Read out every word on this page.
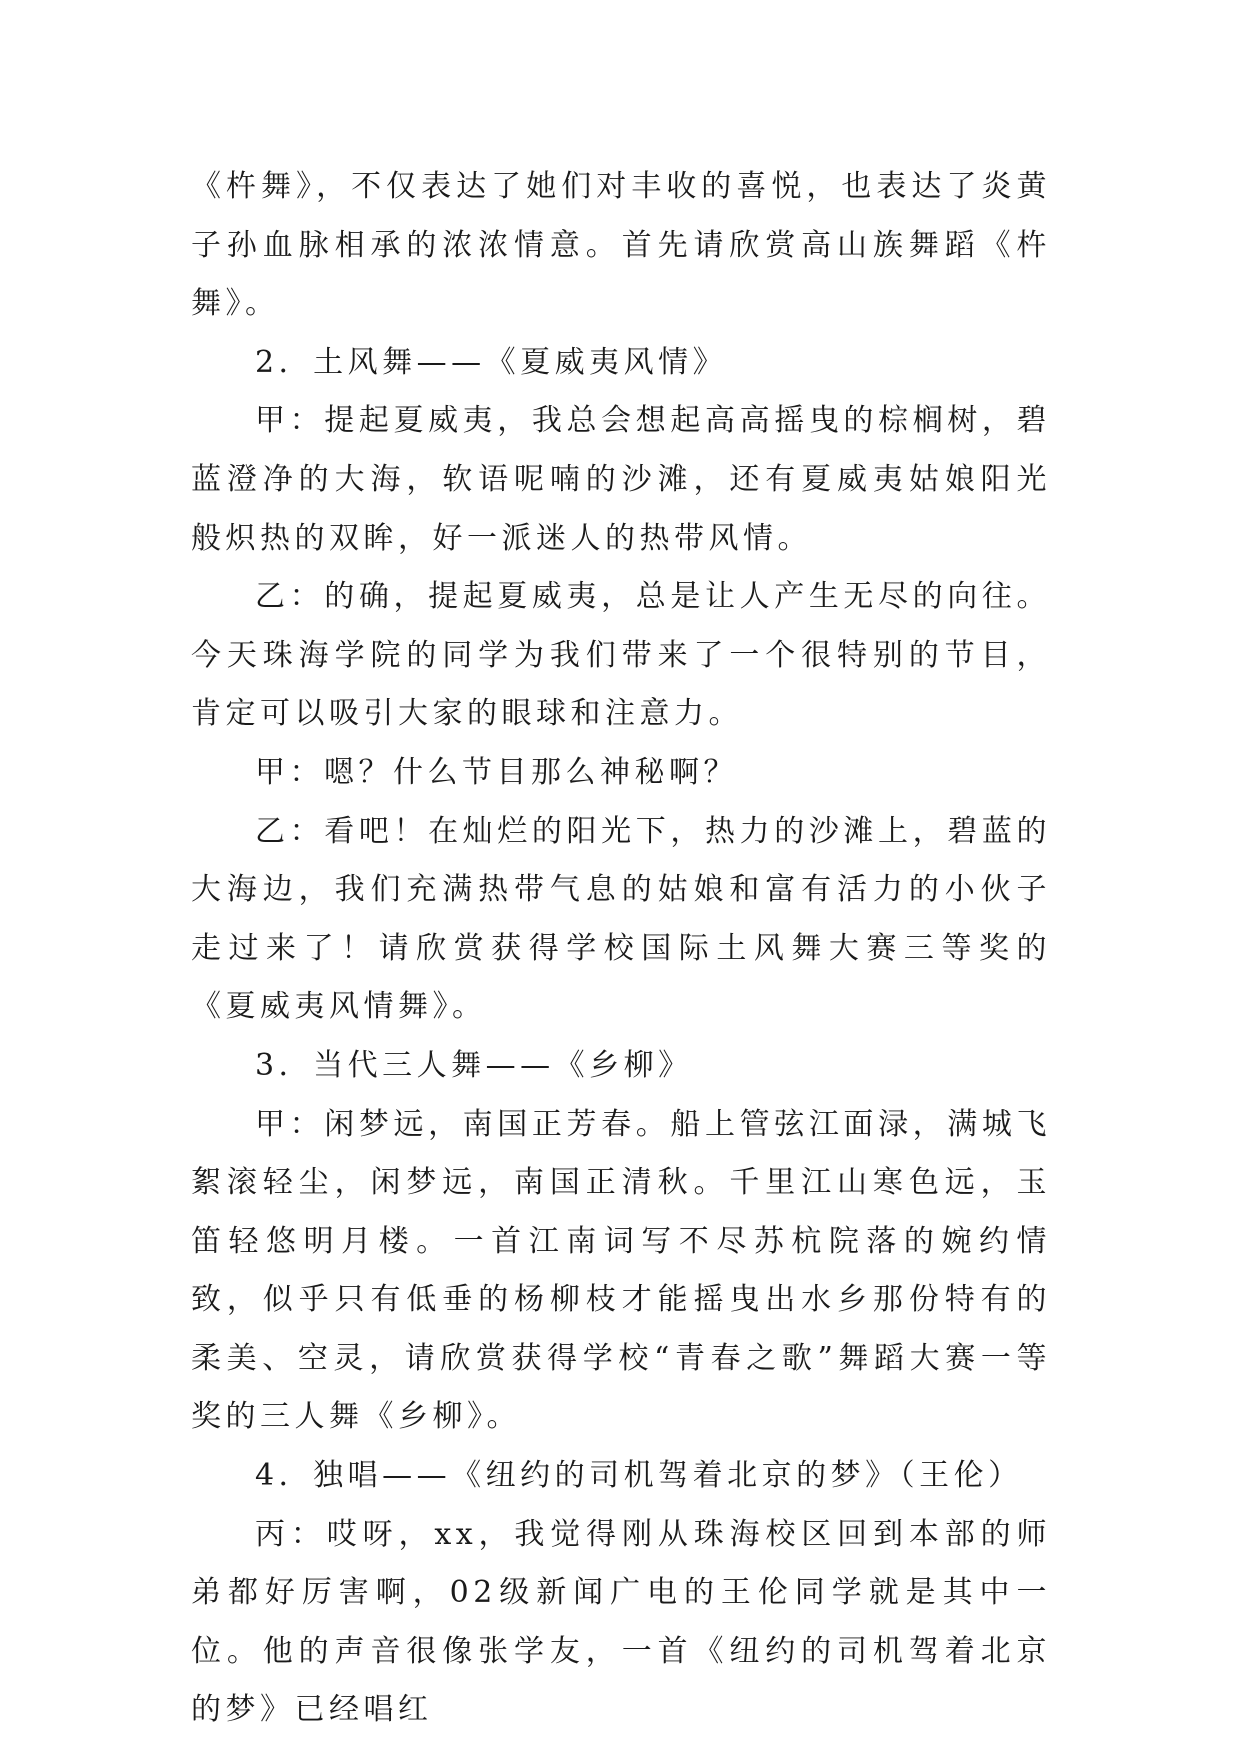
《杵舞》，不仅表达了她们对丰收的喜悦，也表达了炎黄子孙血脉相承的浓浓情意。首先请欣赏高山族舞蹈《杵舞》。

2．土风舞——《夏威夷风情》

甲：提起夏威夷，我总会想起高高摇曳的棕榈树，碧蓝澄净的大海，软语呢喃的沙滩，还有夏威夷姑娘阳光般炽热的双眸，好一派迷人的热带风情。

乙：的确，提起夏威夷，总是让人产生无尽的向往。今天珠海学院的同学为我们带来了一个很特别的节目，肯定可以吸引大家的眼球和注意力。

甲：嗯？什么节目那么神秘啊？

乙：看吧！在灿烂的阳光下，热力的沙滩上，碧蓝的大海边，我们充满热带气息的姑娘和富有活力的小伙子走过来了！请欣赏获得学校国际土风舞大赛三等奖的《夏威夷风情舞》。

3．当代三人舞——《乡柳》

甲：闲梦远，南国正芳春。船上管弦江面渌，满城飞絮滚轻尘，闲梦远，南国正清秋。千里江山寒色远，玉笛轻悠明月楼。一首江南词写不尽苏杭院落的婉约情致，似乎只有低垂的杨柳枝才能摇曳出水乡那份特有的柔美、空灵，请欣赏获得学校“青春之歌”舞蹈大赛一等奖的三人舞《乡柳》。

4．独唱——《纽约的司机驾着北京的梦》（王伦）

丙：哎呀，xx，我觉得刚从珠海校区回到本部的师弟都好厉害啊，02级新闻广电的王伦同学就是其中一位。他的声音很像张学友，一首《纽约的司机驾着北京的梦》已经唱红
